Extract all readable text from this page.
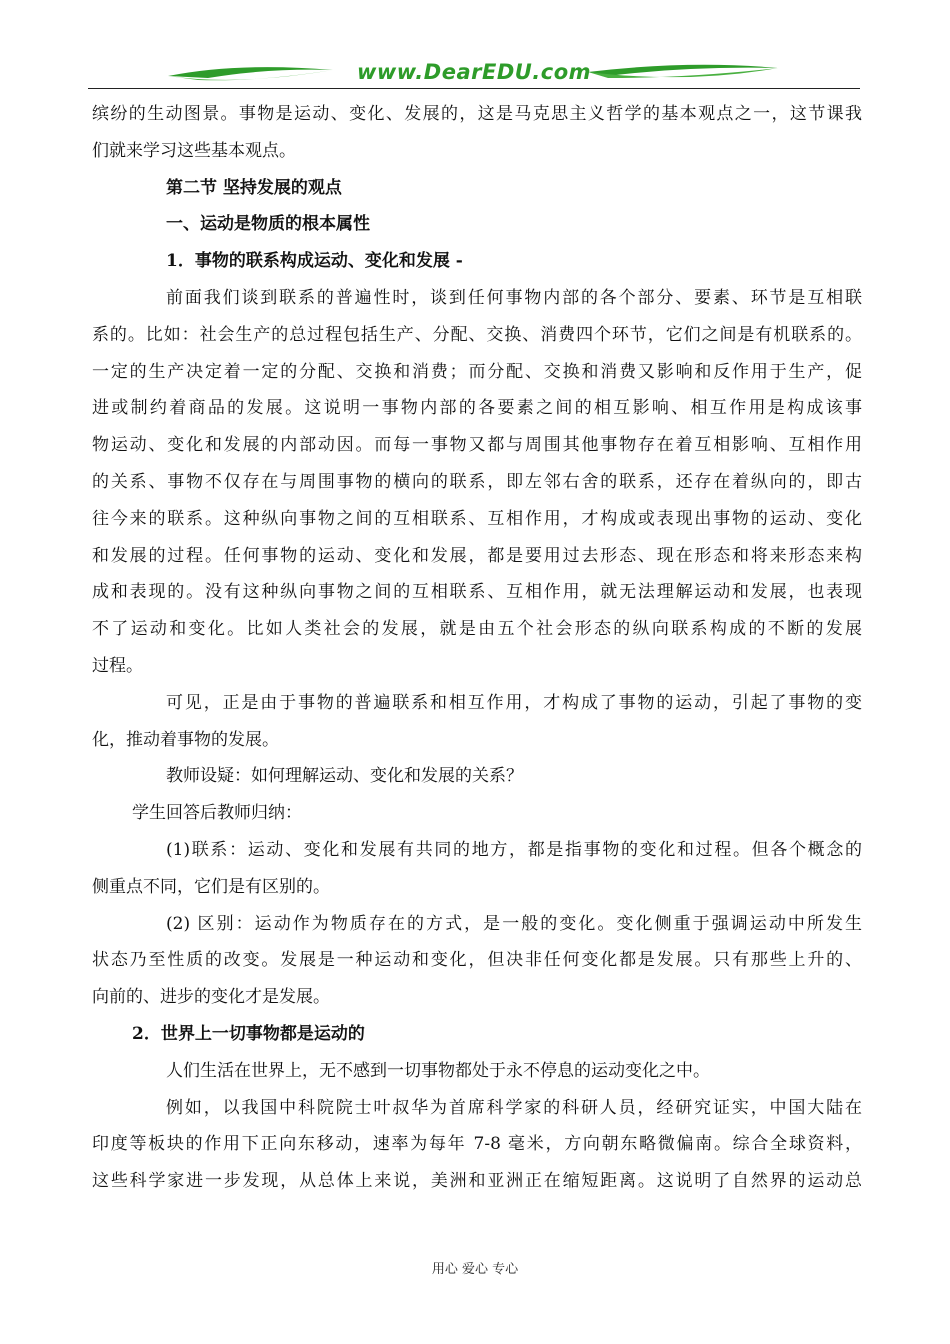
www.DearEDU.com
缤纷的生动图景。事物是运动、变化、发展的，这是马克思主义哲学的基本观点之一，这节课我
们就来学习这些基本观点。
第二节 坚持发展的观点
一、运动是物质的根本属性
1．事物的联系构成运动、变化和发展 -
前面我们谈到联系的普遍性时，谈到任何事物内部的各个部分、要素、环节是互相联
系的。比如：社会生产的总过程包括生产、分配、交换、消费四个环节，它们之间是有机联系的。
一定的生产决定着一定的分配、交换和消费；而分配、交换和消费又影响和反作用于生产，促
进或制约着商品的发展。这说明一事物内部的各要素之间的相互影响、相互作用是构成该事
物运动、变化和发展的内部动因。而每一事物又都与周围其他事物存在着互相影响、互相作用
的关系、事物不仅存在与周围事物的横向的联系，即左邻右舍的联系，还存在着纵向的，即古
往今来的联系。这种纵向事物之间的互相联系、互相作用，才构成或表现出事物的运动、变化
和发展的过程。任何事物的运动、变化和发展，都是要用过去形态、现在形态和将来形态来构
成和表现的。没有这种纵向事物之间的互相联系、互相作用，就无法理解运动和发展，也表现
不了运动和变化。比如人类社会的发展，就是由五个社会形态的纵向联系构成的不断的发展
过程。
可见，正是由于事物的普遍联系和相互作用，才构成了事物的运动，引起了事物的变
化，推动着事物的发展。
教师设疑：如何理解运动、变化和发展的关系？
学生回答后教师归纳：
(1)联系：运动、变化和发展有共同的地方，都是指事物的变化和过程。但各个概念的
侧重点不同，它们是有区别的。
(2) 区别：运动作为物质存在的方式，是一般的变化。变化侧重于强调运动中所发生
状态乃至性质的改变。发展是一种运动和变化，但决非任何变化都是发展。只有那些上升的、
向前的、进步的变化才是发展。
2．世界上一切事物都是运动的
人们生活在世界上，无不感到一切事物都处于永不停息的运动变化之中。
例如，以我国中科院院士叶叔华为首席科学家的科研人员，经研究证实，中国大陆在
印度等板块的作用下正向东移动，速率为每年 7-8 毫米，方向朝东略微偏南。综合全球资料，
这些科学家进一步发现，从总体上来说，美洲和亚洲正在缩短距离。这说明了自然界的运动总
用心 爱心 专心
